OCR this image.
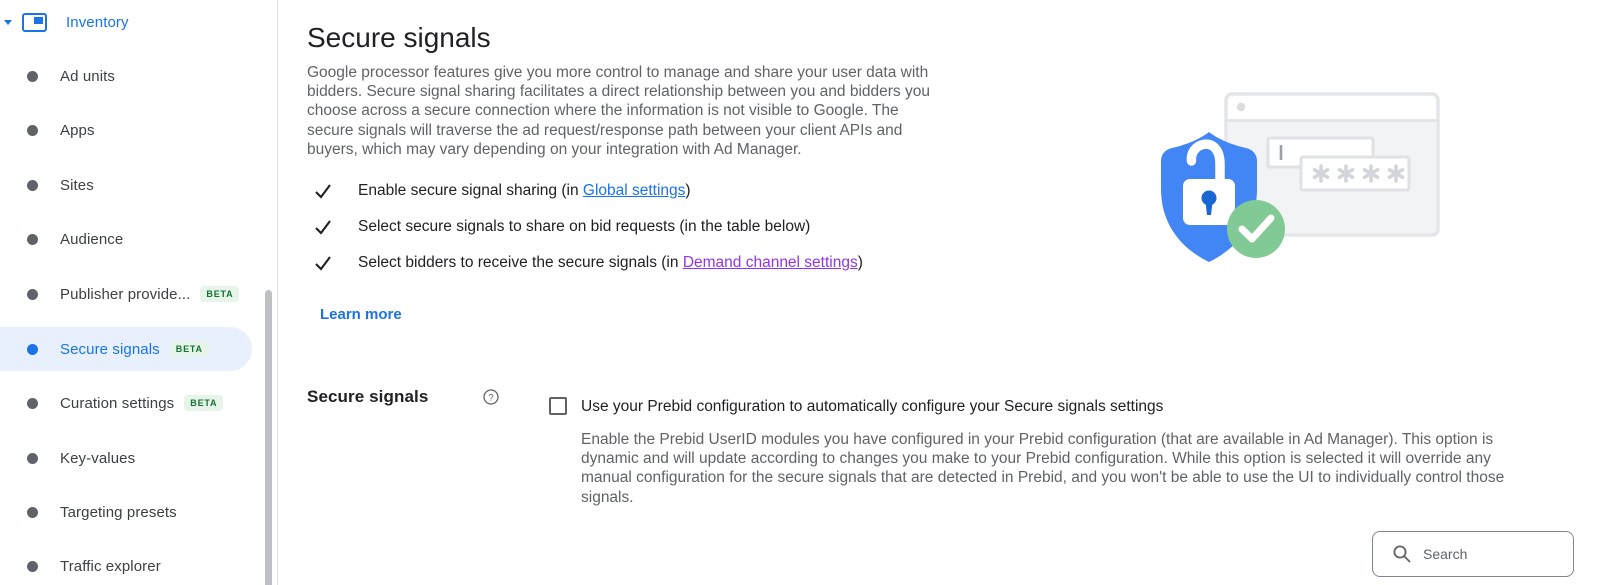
Inventory
Ad units
Apps
Sites
Audience
Publisher provide...	BETA
Secure signals	BETA
Curation settings	BETA
Key-values
Targeting presets
Traffic explorer
Secure signals

Google processor features give you more control to manage and share your user data with bidders. Secure signal sharing facilitates a direct relationship between you and bidders you choose across a secure connection where the information is not visible to Google. The secure signals will traverse the ad request/response path between your client APIs and buyers, which may vary depending on your integration with Ad Manager.

Enable secure signal sharing (in Global settings)
Select secure signals to share on bid requests (in the table below)
Select bidders to receive the secure signals (in Demand channel settings)
Learn more
Secure signals	?
Use your Prebid configuration to automatically configure your Secure signals settings

Enable the Prebid UserID modules you have configured in your Prebid configuration (that are available in Ad Manager). This option is dynamic and will update according to changes you make to your Prebid configuration. While this option is selected it will override any manual configuration for the secure signals that are detected in Prebid, and you won't be able to use the UI to individually control those signals.

Search
